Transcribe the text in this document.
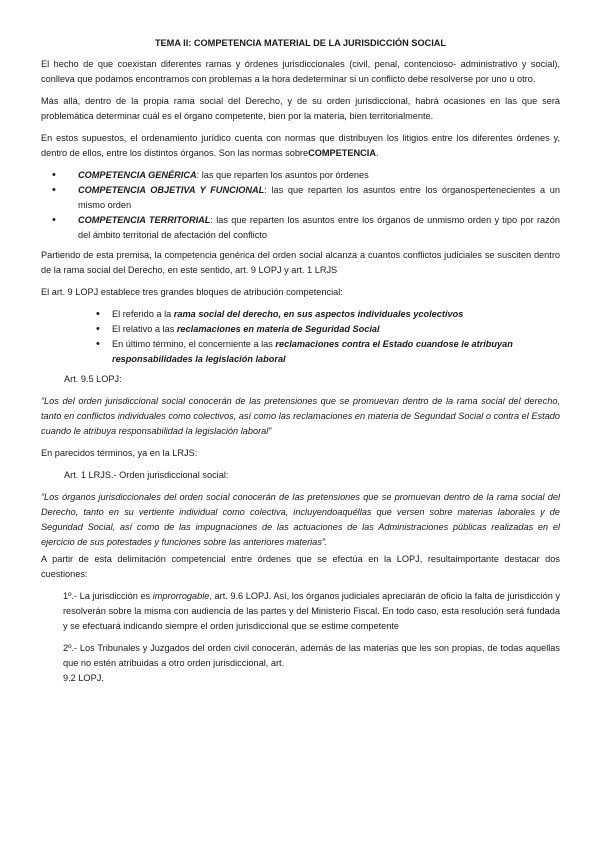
TEMA II: COMPETENCIA MATERIAL DE LA JURISDICCIÓN SOCIAL

El hecho de que coexistan diferentes ramas y órdenes jurisdiccionales (civil, penal, contencioso- administrativo y social), conlleva que podamos encontrarnos con problemas a la hora dedeterminar si un conflicto debe resolverse por uno u otro.

Más allá, dentro de la propia rama social del Derecho, y de su orden jurisdiccional, habrá ocasiones en las que será problemática determinar cuál es el órgano competente, bien por la materia, bien territorialmente.

En estos supuestos, el ordenamiento jurídico cuenta con normas que distribuyen los litigios entre los diferentes órdenes y, dentro de ellos, entre los distintos órganos. Son las normas sobreCOMPETENCIA.

• COMPETENCIA GENÉRICA: las que reparten los asuntos por órdenes
• COMPETENCIA OBJETIVA Y FUNCIONAL: las que reparten los asuntos entre los órganospertenecientes a un mismo orden
• COMPETENCIA TERRITORIAL: las que reparten los asuntos entre los órganos de unmismo orden y tipo por razón del ámbito territorial de afectación del conflicto

Partiendo de esta premisa, la competencia genérica del orden social alcanza a cuantos conflictos judiciales se susciten dentro de la rama social del Derecho, en este sentido, art. 9 LOPJ y art. 1 LRJS

El art. 9 LOPJ establece tres grandes bloques de atribución competencial:

• El referido a la rama social del derecho, en sus aspectos individuales ycolectivos
• El relativo a las reclamaciones en materia de Seguridad Social
• En último término, el concerniente a las reclamaciones contra el Estado cuandose le atribuyan responsabilidades la legislación laboral

Art. 9.5 LOPJ:

“Los del orden jurisdiccional social conocerán de las pretensiones que se promuevan dentro de la rama social del derecho, tanto en conflictos individuales como colectivos, así como las reclamaciones en materia de Seguridad Social o contra el Estado cuando le atribuya responsabilidad la legislación laboral”

En parecidos términos, ya en la LRJS:

Art. 1 LRJS.- Orden jurisdiccional social:

“Los órganos jurisdiccionales del orden social conocerán de las pretensiones que se promuevan dentro de la rama social del Derecho, tanto en su vertiente individual como colectiva, incluyendoaquéllas que versen sobre materias laborales y de Seguridad Social, así como de las impugnaciones de las actuaciones de las Administraciones públicas realizadas en el ejercicio de sus potestades y funciones sobre las anteriores materias”.

A partir de esta delimitación competencial entre órdenes que se efectúa en la LOPJ, resultaimportante destacar dos cuestiones:

1º.- La jurisdicción es improrrogable, art. 9.6 LOPJ. Así, los órganos judiciales apreciarán de oficio la falta de jurisdicción y resolverán sobre la misma con audiencia de las partes y del Ministerio Fiscal. En todo caso, esta resolución será fundada y se efectuará indicando siempre el orden jurisdiccional que se estime competente

2º.- Los Tribunales y Juzgados del orden civil conocerán, además de las materias que les son propias, de todas aquellas que no estén atribuidas a otro orden jurisdiccional, art.
9.2 LOPJ.
